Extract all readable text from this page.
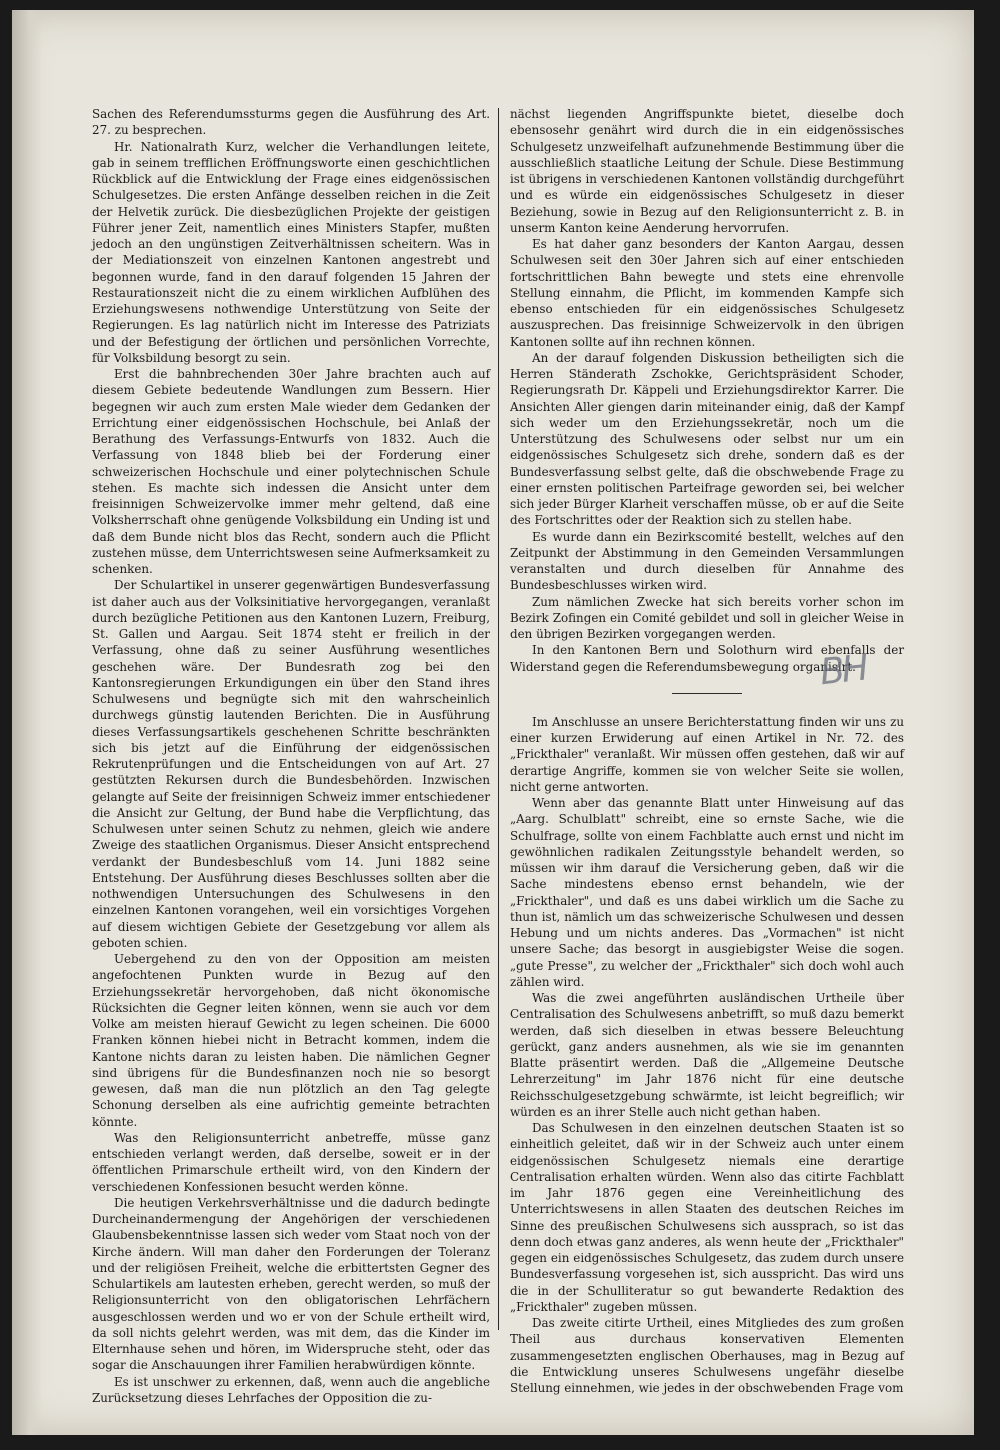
Sachen des Referendumssturms gegen die Ausführung des Art. 27. zu besprechen.

Hr. Nationalrath Kurz, welcher die Verhandlungen leitete, gab in seinem trefflichen Eröffnungsworte einen geschichtlichen Rückblick auf die Entwicklung der Frage eines eidgenössischen Schulgesetzes. Die ersten Anfänge desselben reichen in die Zeit der Helvetik zurück. Die diesbezüglichen Projekte der geistigen Führer jener Zeit, namentlich eines Ministers Stapfer, mußten jedoch an den ungünstigen Zeitverhältnissen scheitern. Was in der Mediationszeit von einzelnen Kantonen angestrebt und begonnen wurde, fand in den darauf folgenden 15 Jahren der Restaurationszeit nicht die zu einem wirklichen Aufblühen des Erziehungswesens nothwendige Unterstützung von Seite der Regierungen. Es lag natürlich nicht im Interesse des Patriziats und der Befestigung der örtlichen und persönlichen Vorrechte, für Volksbildung besorgt zu sein.

Erst die bahnbrechenden 30er Jahre brachten auch auf diesem Gebiete bedeutende Wandlungen zum Bessern. Hier begegnen wir auch zum ersten Male wieder dem Gedanken der Errichtung einer eidgenössischen Hochschule, bei Anlaß der Berathung des Verfassungs-Entwurfs von 1832. Auch die Verfassung von 1848 blieb bei der Forderung einer schweizerischen Hochschule und einer polytechnischen Schule stehen. Es machte sich indessen die Ansicht unter dem freisinnigen Schweizervolke immer mehr geltend, daß eine Volksherrschaft ohne genügende Volksbildung ein Unding ist und daß dem Bunde nicht blos das Recht, sondern auch die Pflicht zustehen müsse, dem Unterrichtswesen seine Aufmerksamkeit zu schenken.

Der Schulartikel in unserer gegenwärtigen Bundesverfassung ist daher auch aus der Volksinitiative hervorgegangen, veranlaßt durch bezügliche Petitionen aus den Kantonen Luzern, Freiburg, St. Gallen und Aargau. Seit 1874 steht er freilich in der Verfassung, ohne daß zu seiner Ausführung wesentliches geschehen wäre. Der Bundesrath zog bei den Kantonsregierungen Erkundigungen ein über den Stand ihres Schulwesens und begnügte sich mit den wahrscheinlich durchwegs günstig lautenden Berichten. Die in Ausführung dieses Verfassungsartikels geschehenen Schritte beschränkten sich bis jetzt auf die Einführung der eidgenössischen Rekrutenprüfungen und die Entscheidungen von auf Art. 27 gestützten Rekursen durch die Bundesbehörden. Inzwischen gelangte auf Seite der freisinnigen Schweiz immer entschiedener die Ansicht zur Geltung, der Bund habe die Verpflichtung, das Schulwesen unter seinen Schutz zu nehmen, gleich wie andere Zweige des staatlichen Organismus. Dieser Ansicht entsprechend verdankt der Bundesbeschluß vom 14. Juni 1882 seine Entstehung. Der Ausführung dieses Beschlusses sollten aber die nothwendigen Untersuchungen des Schulwesens in den einzelnen Kantonen vorangehen, weil ein vorsichtiges Vorgehen auf diesem wichtigen Gebiete der Gesetzgebung vor allem als geboten schien.

Uebergehend zu den von der Opposition am meisten angefochtenen Punkten wurde in Bezug auf den Erziehungssekretär hervorgehoben, daß nicht ökonomische Rücksichten die Gegner leiten können, wenn sie auch vor dem Volke am meisten hierauf Gewicht zu legen scheinen. Die 6000 Franken können hiebei nicht in Betracht kommen, indem die Kantone nichts daran zu leisten haben. Die nämlichen Gegner sind übrigens für die Bundesfinanzen noch nie so besorgt gewesen, daß man die nun plötzlich an den Tag gelegte Schonung derselben als eine aufrichtig gemeinte betrachten könnte.

Was den Religionsunterricht anbetreffe, müsse ganz entschieden verlangt werden, daß derselbe, soweit er in der öffentlichen Primarschule ertheilt wird, von den Kindern der verschiedenen Konfessionen besucht werden könne.

Die heutigen Verkehrsverhältnisse und die dadurch bedingte Durcheinandermengung der Angehörigen der verschiedenen Glaubensbekenntnisse lassen sich weder vom Staat noch von der Kirche ändern. Will man daher den Forderungen der Toleranz und der religiösen Freiheit, welche die erbittertsten Gegner des Schulartikels am lautesten erheben, gerecht werden, so muß der Religionsunterricht von den obligatorischen Lehrfächern ausgeschlossen werden und wo er von der Schule ertheilt wird, da soll nichts gelehrt werden, was mit dem, das die Kinder im Elternhause sehen und hören, im Widerspruche steht, oder das sogar die Anschauungen ihrer Familien herabwürdigen könnte.

Es ist unschwer zu erkennen, daß, wenn auch die angebliche Zurücksetzung dieses Lehrfaches der Opposition die zu-

nächst liegenden Angriffspunkte bietet, dieselbe doch ebensosehr genährt wird durch die in ein eidgenössisches Schulgesetz unzweifelhaft aufzunehmende Bestimmung über die ausschließlich staatliche Leitung der Schule. Diese Bestimmung ist übrigens in verschiedenen Kantonen vollständig durchgeführt und es würde ein eidgenössisches Schulgesetz in dieser Beziehung, sowie in Bezug auf den Religionsunterricht z. B. in unserm Kanton keine Aenderung hervorrufen.

Es hat daher ganz besonders der Kanton Aargau, dessen Schulwesen seit den 30er Jahren sich auf einer entschieden fortschrittlichen Bahn bewegte und stets eine ehrenvolle Stellung einnahm, die Pflicht, im kommenden Kampfe sich ebenso entschieden für ein eidgenössisches Schulgesetz auszusprechen. Das freisinnige Schweizervolk in den übrigen Kantonen sollte auf ihn rechnen können.

An der darauf folgenden Diskussion betheiligten sich die Herren Ständerath Zschokke, Gerichtspräsident Schoder, Regierungsrath Dr. Käppeli und Erziehungsdirektor Karrer. Die Ansichten Aller giengen darin miteinander einig, daß der Kampf sich weder um den Erziehungssekretär, noch um die Unterstützung des Schulwesens oder selbst nur um ein eidgenössisches Schulgesetz sich drehe, sondern daß es der Bundesverfassung selbst gelte, daß die obschwebende Frage zu einer ernsten politischen Parteifrage geworden sei, bei welcher sich jeder Bürger Klarheit verschaffen müsse, ob er auf die Seite des Fortschrittes oder der Reaktion sich zu stellen habe.

Es wurde dann ein Bezirkscomité bestellt, welches auf den Zeitpunkt der Abstimmung in den Gemeinden Versammlungen veranstalten und durch dieselben für Annahme des Bundesbeschlusses wirken wird.

Zum nämlichen Zwecke hat sich bereits vorher schon im Bezirk Zofingen ein Comité gebildet und soll in gleicher Weise in den übrigen Bezirken vorgegangen werden.

In den Kantonen Bern und Solothurn wird ebenfalls der Widerstand gegen die Referendumsbewegung organisirt.

Im Anschlusse an unsere Berichterstattung finden wir uns zu einer kurzen Erwiderung auf einen Artikel in Nr. 72. des „Frickthaler" veranlaßt. Wir müssen offen gestehen, daß wir auf derartige Angriffe, kommen sie von welcher Seite sie wollen, nicht gerne antworten.

Wenn aber das genannte Blatt unter Hinweisung auf das „Aarg. Schulblatt" schreibt, eine so ernste Sache, wie die Schulfrage, sollte von einem Fachblatte auch ernst und nicht im gewöhnlichen radikalen Zeitungsstyle behandelt werden, so müssen wir ihm darauf die Versicherung geben, daß wir die Sache mindestens ebenso ernst behandeln, wie der „Frickthaler", und daß es uns dabei wirklich um die Sache zu thun ist, nämlich um das schweizerische Schulwesen und dessen Hebung und um nichts anderes. Das „Vormachen" ist nicht unsere Sache; das besorgt in ausgiebigster Weise die sogen. „gute Presse", zu welcher der „Frickthaler" sich doch wohl auch zählen wird.

Was die zwei angeführten ausländischen Urtheile über Centralisation des Schulwesens anbetrifft, so muß dazu bemerkt werden, daß sich dieselben in etwas bessere Beleuchtung gerückt, ganz anders ausnehmen, als wie sie im genannten Blatte präsentirt werden. Daß die „Allgemeine Deutsche Lehrerzeitung" im Jahr 1876 nicht für eine deutsche Reichsschulgesetzgebung schwärmte, ist leicht begreiflich; wir würden es an ihrer Stelle auch nicht gethan haben.

Das Schulwesen in den einzelnen deutschen Staaten ist so einheitlich geleitet, daß wir in der Schweiz auch unter einem eidgenössischen Schulgesetz niemals eine derartige Centralisation erhalten würden. Wenn also das citirte Fachblatt im Jahr 1876 gegen eine Vereinheitlichung des Unterrichtswesens in allen Staaten des deutschen Reiches im Sinne des preußischen Schulwesens sich aussprach, so ist das denn doch etwas ganz anderes, als wenn heute der „Frickthaler" gegen ein eidgenössisches Schulgesetz, das zudem durch unsere Bundesverfassung vorgesehen ist, sich ausspricht. Das wird uns die in der Schulliteratur so gut bewanderte Redaktion des „Frickthaler" zugeben müssen.

Das zweite citirte Urtheil, eines Mitgliedes des zum großen Theil aus durchaus konservativen Elementen zusammengesetzten englischen Oberhauses, mag in Bezug auf die Entwicklung unseres Schulwesens ungefähr dieselbe Stellung einnehmen, wie jedes in der obschwebenden Frage vom

BH
